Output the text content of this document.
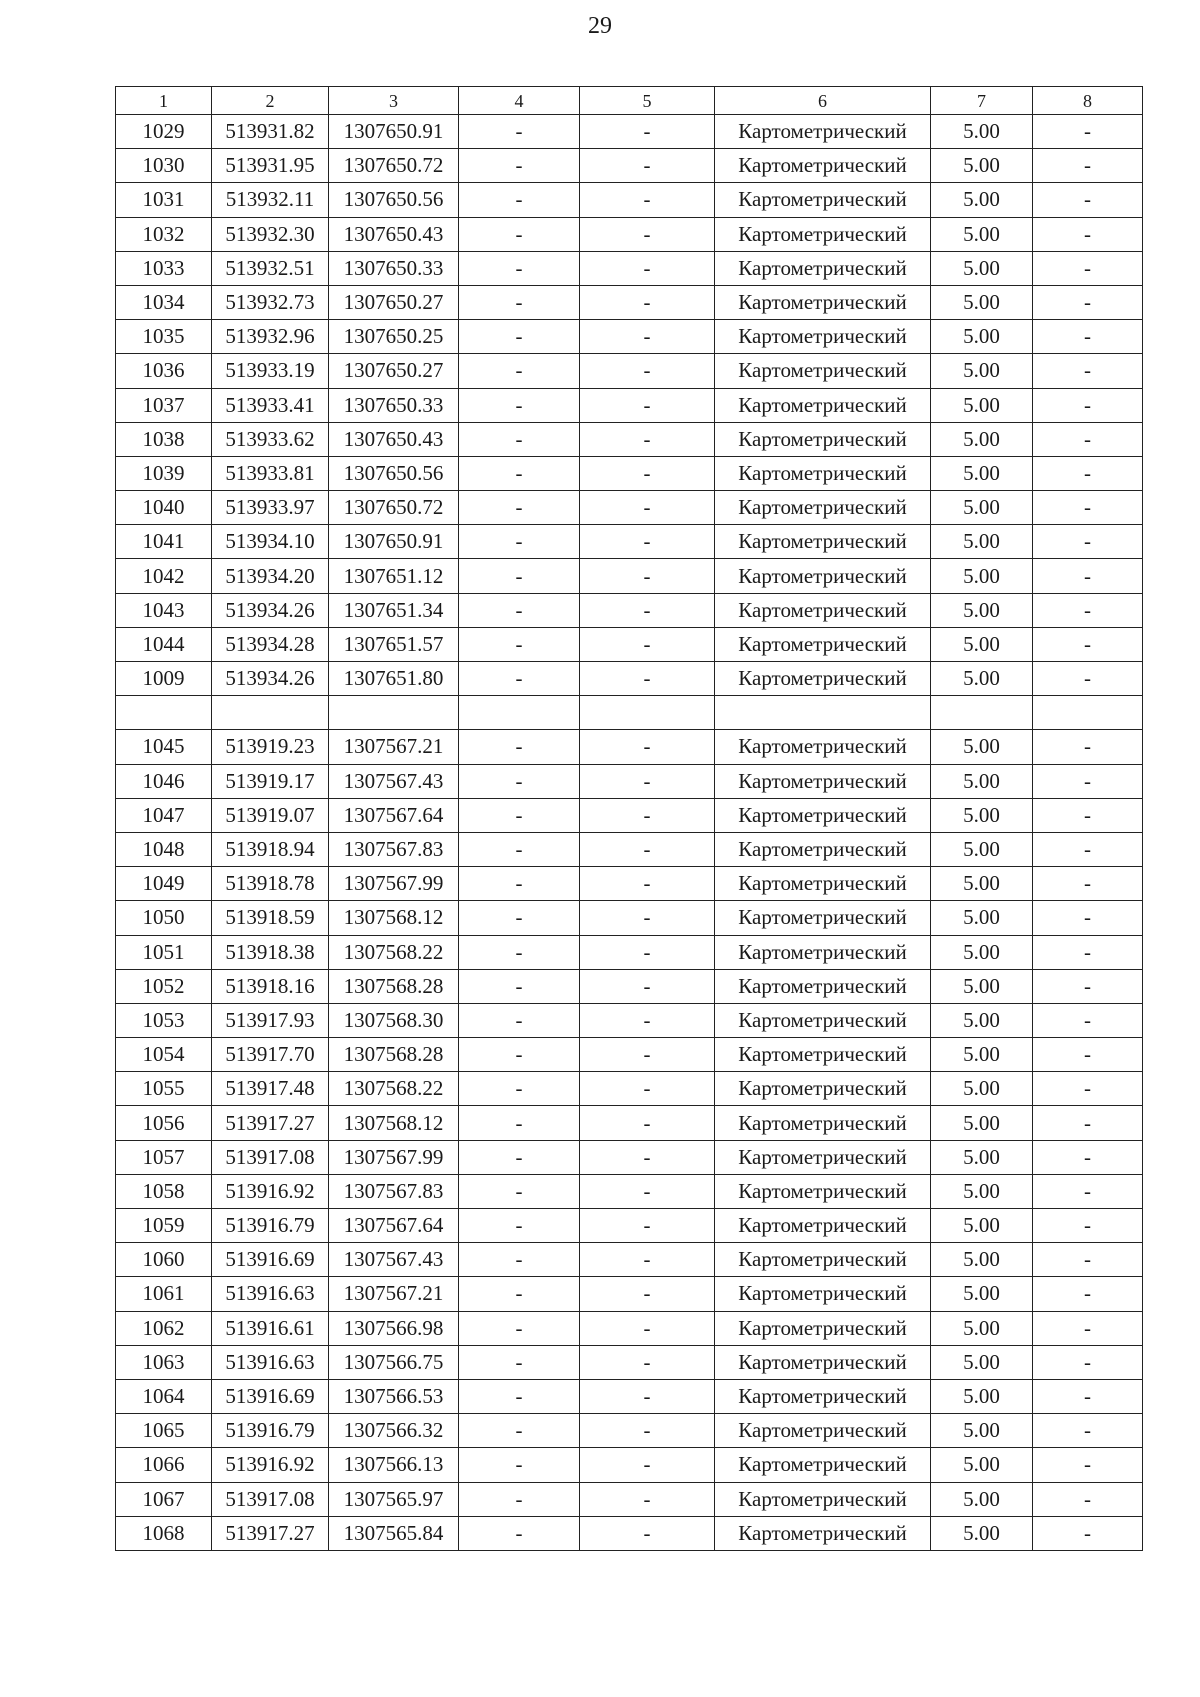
29
1	2	3	4	5	6	7	8
1029	513931.82	1307650.91	-	-	Картометрический	5.00	-
1030	513931.95	1307650.72	-	-	Картометрический	5.00	-
1031	513932.11	1307650.56	-	-	Картометрический	5.00	-
1032	513932.30	1307650.43	-	-	Картометрический	5.00	-
1033	513932.51	1307650.33	-	-	Картометрический	5.00	-
1034	513932.73	1307650.27	-	-	Картометрический	5.00	-
1035	513932.96	1307650.25	-	-	Картометрический	5.00	-
1036	513933.19	1307650.27	-	-	Картометрический	5.00	-
1037	513933.41	1307650.33	-	-	Картометрический	5.00	-
1038	513933.62	1307650.43	-	-	Картометрический	5.00	-
1039	513933.81	1307650.56	-	-	Картометрический	5.00	-
1040	513933.97	1307650.72	-	-	Картометрический	5.00	-
1041	513934.10	1307650.91	-	-	Картометрический	5.00	-
1042	513934.20	1307651.12	-	-	Картометрический	5.00	-
1043	513934.26	1307651.34	-	-	Картометрический	5.00	-
1044	513934.28	1307651.57	-	-	Картометрический	5.00	-
1009	513934.26	1307651.80	-	-	Картометрический	5.00	-

1045	513919.23	1307567.21	-	-	Картометрический	5.00	-
1046	513919.17	1307567.43	-	-	Картометрический	5.00	-
1047	513919.07	1307567.64	-	-	Картометрический	5.00	-
1048	513918.94	1307567.83	-	-	Картометрический	5.00	-
1049	513918.78	1307567.99	-	-	Картометрический	5.00	-
1050	513918.59	1307568.12	-	-	Картометрический	5.00	-
1051	513918.38	1307568.22	-	-	Картометрический	5.00	-
1052	513918.16	1307568.28	-	-	Картометрический	5.00	-
1053	513917.93	1307568.30	-	-	Картометрический	5.00	-
1054	513917.70	1307568.28	-	-	Картометрический	5.00	-
1055	513917.48	1307568.22	-	-	Картометрический	5.00	-
1056	513917.27	1307568.12	-	-	Картометрический	5.00	-
1057	513917.08	1307567.99	-	-	Картометрический	5.00	-
1058	513916.92	1307567.83	-	-	Картометрический	5.00	-
1059	513916.79	1307567.64	-	-	Картометрический	5.00	-
1060	513916.69	1307567.43	-	-	Картометрический	5.00	-
1061	513916.63	1307567.21	-	-	Картометрический	5.00	-
1062	513916.61	1307566.98	-	-	Картометрический	5.00	-
1063	513916.63	1307566.75	-	-	Картометрический	5.00	-
1064	513916.69	1307566.53	-	-	Картометрический	5.00	-
1065	513916.79	1307566.32	-	-	Картометрический	5.00	-
1066	513916.92	1307566.13	-	-	Картометрический	5.00	-
1067	513917.08	1307565.97	-	-	Картометрический	5.00	-
1068	513917.27	1307565.84	-	-	Картометрический	5.00	-
